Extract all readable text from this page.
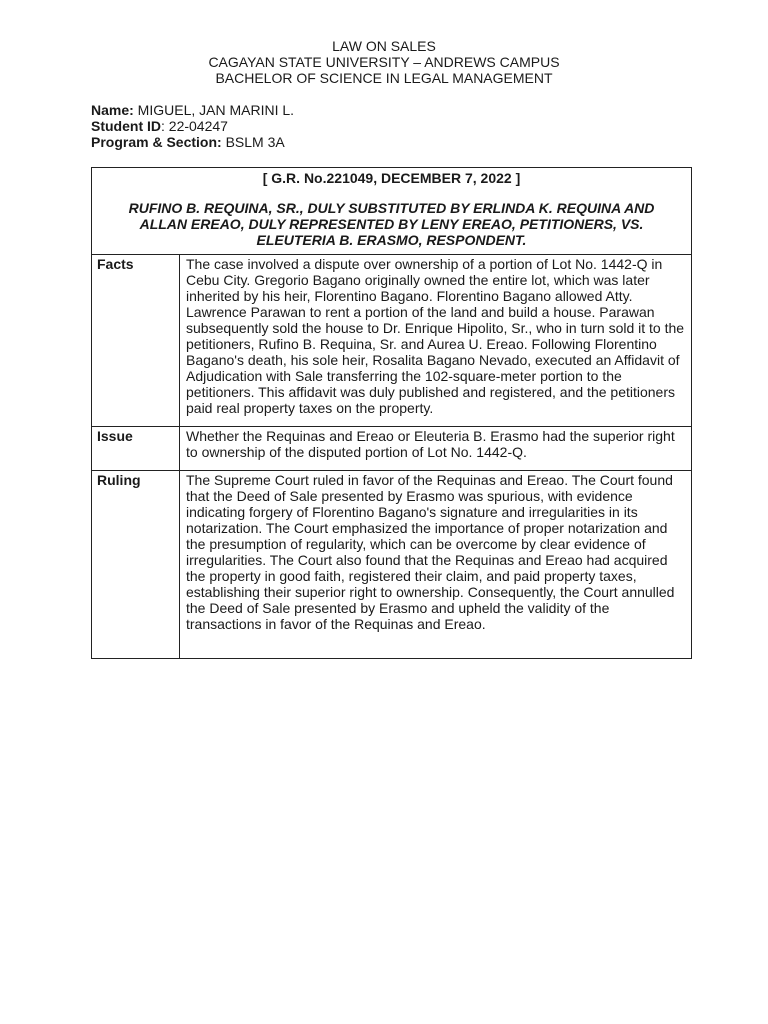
LAW ON SALES
CAGAYAN STATE UNIVERSITY – ANDREWS CAMPUS
BACHELOR OF SCIENCE IN LEGAL MANAGEMENT
Name: MIGUEL, JAN MARINI L.
Student ID: 22-04247
Program & Section: BSLM 3A
[ G.R. No.221049, DECEMBER 7, 2022 ]
RUFINO B. REQUINA, SR., DULY SUBSTITUTED BY ERLINDA K. REQUINA AND
ALLAN EREAO, DULY REPRESENTED BY LENY EREAO, PETITIONERS, VS.
ELEUTERIA B. ERASMO, RESPONDENT.	

Facts	The case involved a dispute over ownership of a portion of Lot No. 1442-Q in Cebu City. Gregorio Bagano originally owned the entire lot, which was later inherited by his heir, Florentino Bagano. Florentino Bagano allowed Atty. Lawrence Parawan to rent a portion of the land and build a house. Parawan subsequently sold the house to Dr. Enrique Hipolito, Sr., who in turn sold it to the petitioners, Rufino B. Requina, Sr. and Aurea U. Ereao. Following Florentino Bagano's death, his sole heir, Rosalita Bagano Nevado, executed an Affidavit of Adjudication with Sale transferring the 102-square-meter portion to the petitioners. This affidavit was duly published and registered, and the petitioners paid real property taxes on the property.
Issue	Whether the Requinas and Ereao or Eleuteria B. Erasmo had the superior right to ownership of the disputed portion of Lot No. 1442-Q.
Ruling	The Supreme Court ruled in favor of the Requinas and Ereao. The Court found that the Deed of Sale presented by Erasmo was spurious, with evidence indicating forgery of Florentino Bagano's signature and irregularities in its notarization. The Court emphasized the importance of proper notarization and the presumption of regularity, which can be overcome by clear evidence of irregularities. The Court also found that the Requinas and Ereao had acquired the property in good faith, registered their claim, and paid property taxes, establishing their superior right to ownership. Consequently, the Court annulled the Deed of Sale presented by Erasmo and upheld the validity of the transactions in favor of the Requinas and Ereao.
